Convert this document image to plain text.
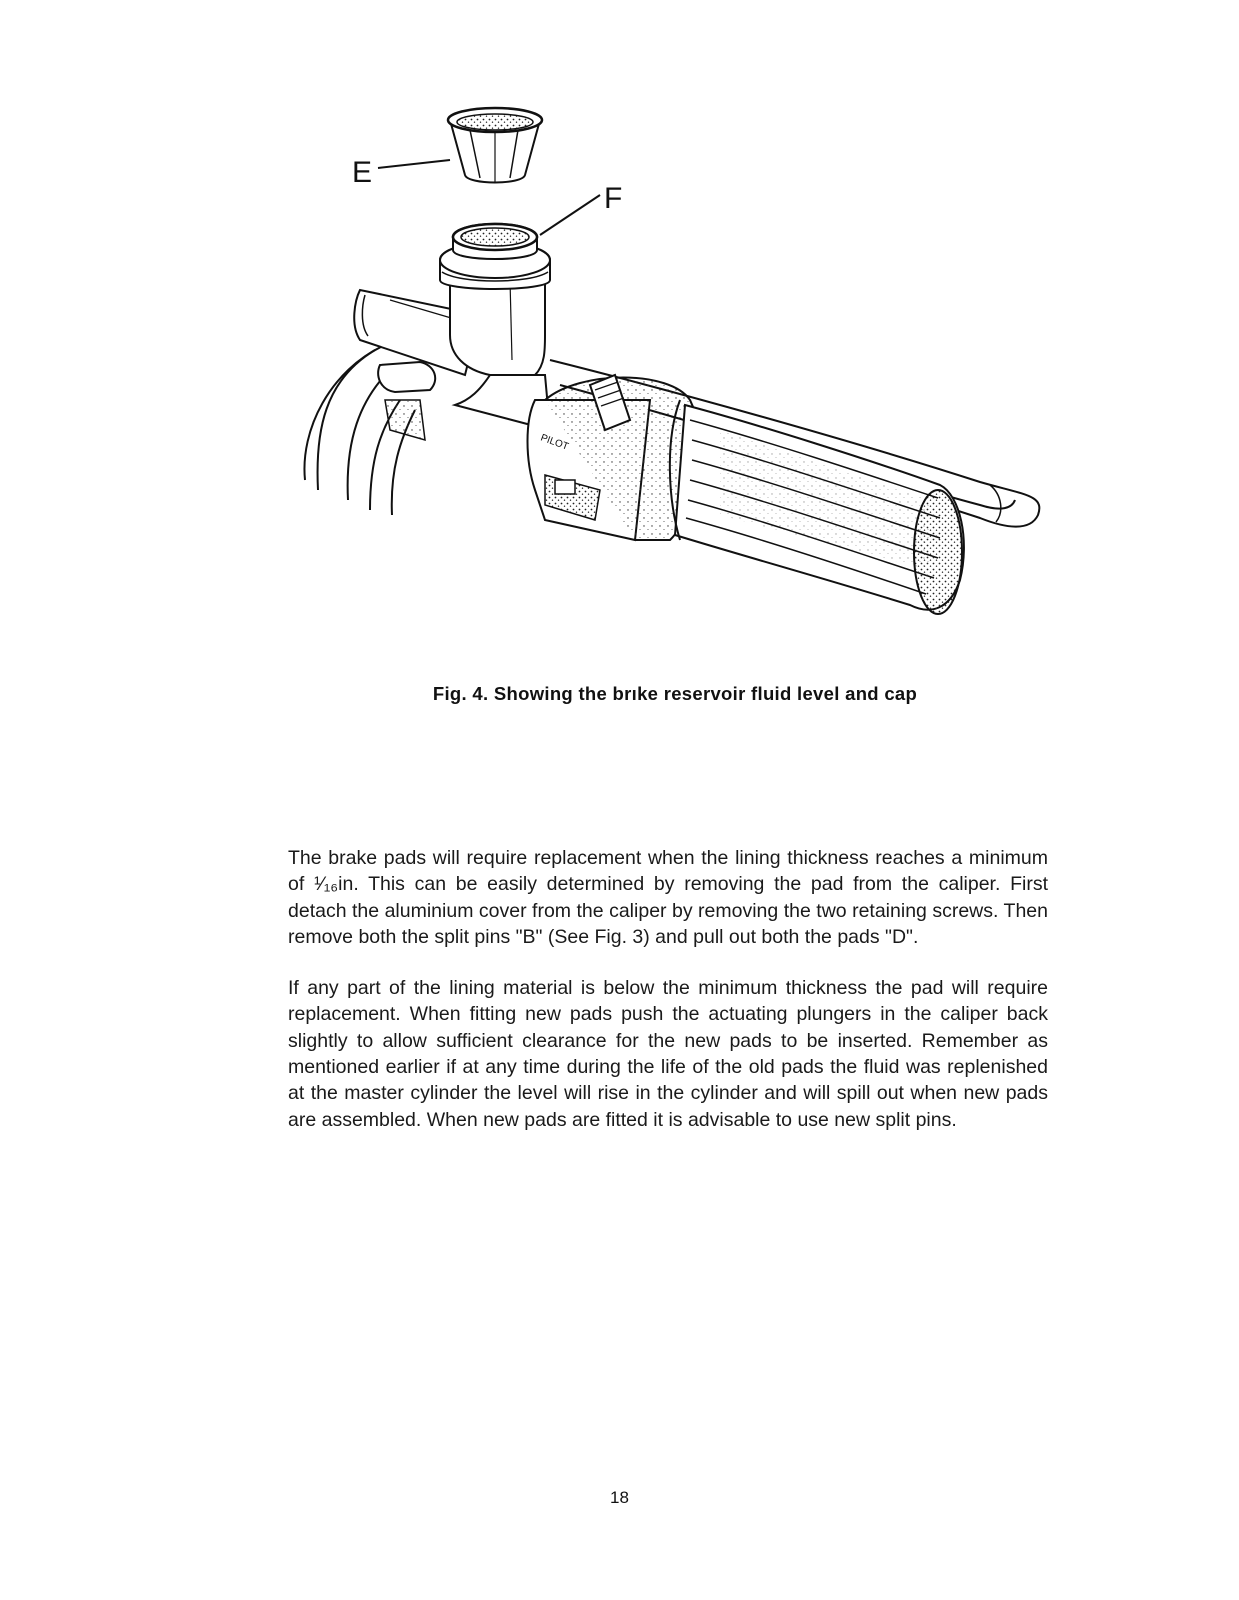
PILOT
E
F
Fig. 4. Showing the brıke reservoir fluid level and cap

The brake pads will require replacement when the lining thickness reaches a minimum of ¹⁄₁₆in. This can be easily determined by removing the pad from the caliper. First detach the aluminium cover from the caliper by removing the two retaining screws. Then remove both the split pins "B" (See Fig. 3) and pull out both the pads "D".

If any part of the lining material is below the minimum thickness the pad will require replacement. When fitting new pads push the actuating plungers in the caliper back slightly to allow sufficient clearance for the new pads to be inserted. Remember as mentioned earlier if at any time during the life of the old pads the fluid was replenished at the master cylinder the level will rise in the cylinder and will spill out when new pads are assembled. When new pads are fitted it is advisable to use new split pins.

18
